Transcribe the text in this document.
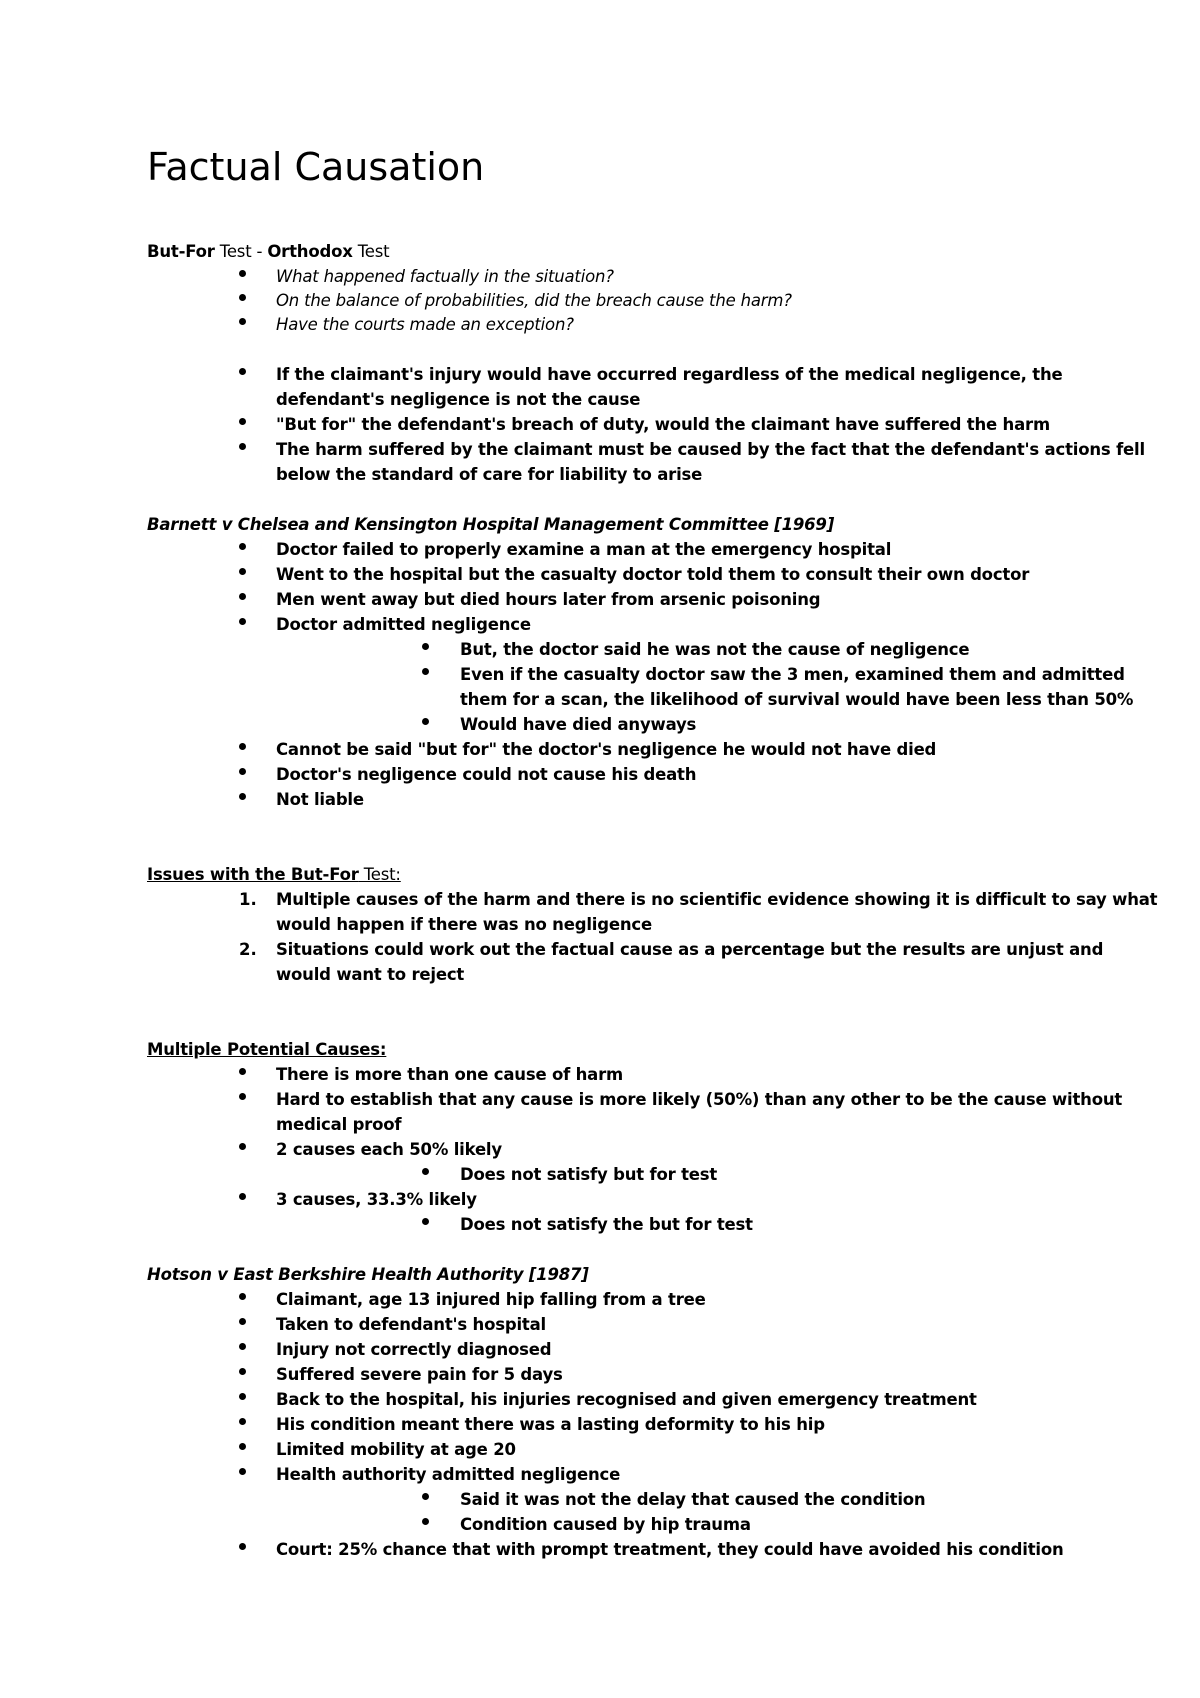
Factual Causation
But-For Test - Orthodox Test
What happened factually in the situation?
On the balance of probabilities, did the breach cause the harm?
Have the courts made an exception?
If the claimant's injury would have occurred regardless of the medical negligence, the
defendant's negligence is not the cause
"But for" the defendant's breach of duty, would the claimant have suffered the harm
The harm suffered by the claimant must be caused by the fact that the defendant's actions fell
below the standard of care for liability to arise
Barnett v Chelsea and Kensington Hospital Management Committee [1969]
Doctor failed to properly examine a man at the emergency hospital
Went to the hospital but the casualty doctor told them to consult their own doctor
Men went away but died hours later from arsenic poisoning
Doctor admitted negligence
But, the doctor said he was not the cause of negligence
Even if the casualty doctor saw the 3 men, examined them and admitted
them for a scan, the likelihood of survival would have been less than 50%
Would have died anyways
Cannot be said "but for" the doctor's negligence he would not have died
Doctor's negligence could not cause his death
Not liable
Issues with the But-For Test:
1. Multiple causes of the harm and there is no scientific evidence showing it is difficult to say what
would happen if there was no negligence
2. Situations could work out the factual cause as a percentage but the results are unjust and
would want to reject
Multiple Potential Causes:
There is more than one cause of harm
Hard to establish that any cause is more likely (50%) than any other to be the cause without
medical proof
2 causes each 50% likely
Does not satisfy but for test
3 causes, 33.3% likely
Does not satisfy the but for test
Hotson v East Berkshire Health Authority [1987]
Claimant, age 13 injured hip falling from a tree
Taken to defendant's hospital
Injury not correctly diagnosed
Suffered severe pain for 5 days
Back to the hospital, his injuries recognised and given emergency treatment
His condition meant there was a lasting deformity to his hip
Limited mobility at age 20
Health authority admitted negligence
Said it was not the delay that caused the condition
Condition caused by hip trauma
Court: 25% chance that with prompt treatment, they could have avoided his condition
